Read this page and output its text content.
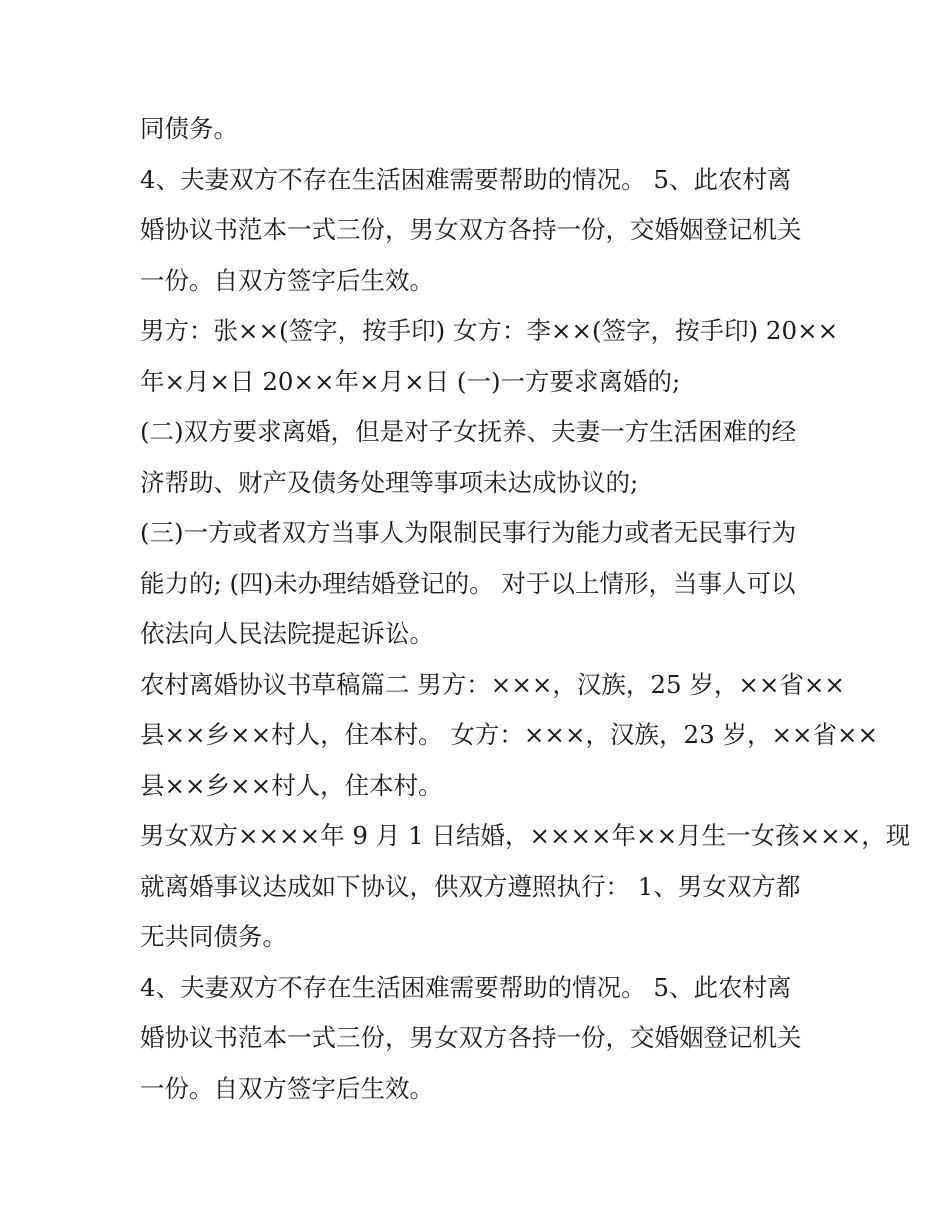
同债务。

4、夫妻双方不存在生活困难需要帮助的情况。 5、此农村离
婚协议书范本一式三份，男女双方各持一份，交婚姻登记机关
一份。自双方签字后生效。

男方：张××(签字，按手印) 女方：李××(签字，按手印) 20××
年×月×日 20××年×月×日 (一)一方要求离婚的;

(二)双方要求离婚，但是对子女抚养、夫妻一方生活困难的经
济帮助、财产及债务处理等事项未达成协议的;

(三)一方或者双方当事人为限制民事行为能力或者无民事行为
能力的; (四)未办理结婚登记的。 对于以上情形，当事人可以
依法向人民法院提起诉讼。

农村离婚协议书草稿篇二 男方：×××，汉族，25 岁，××省××
县××乡××村人，住本村。 女方：×××，汉族，23 岁，××省××
县××乡××村人，住本村。

男女双方××××年 9 月 1 日结婚，××××年××月生一女孩×××，现
就离婚事议达成如下协议，供双方遵照执行： 1、男女双方都
无共同债务。

4、夫妻双方不存在生活困难需要帮助的情况。 5、此农村离
婚协议书范本一式三份，男女双方各持一份，交婚姻登记机关
一份。自双方签字后生效。
